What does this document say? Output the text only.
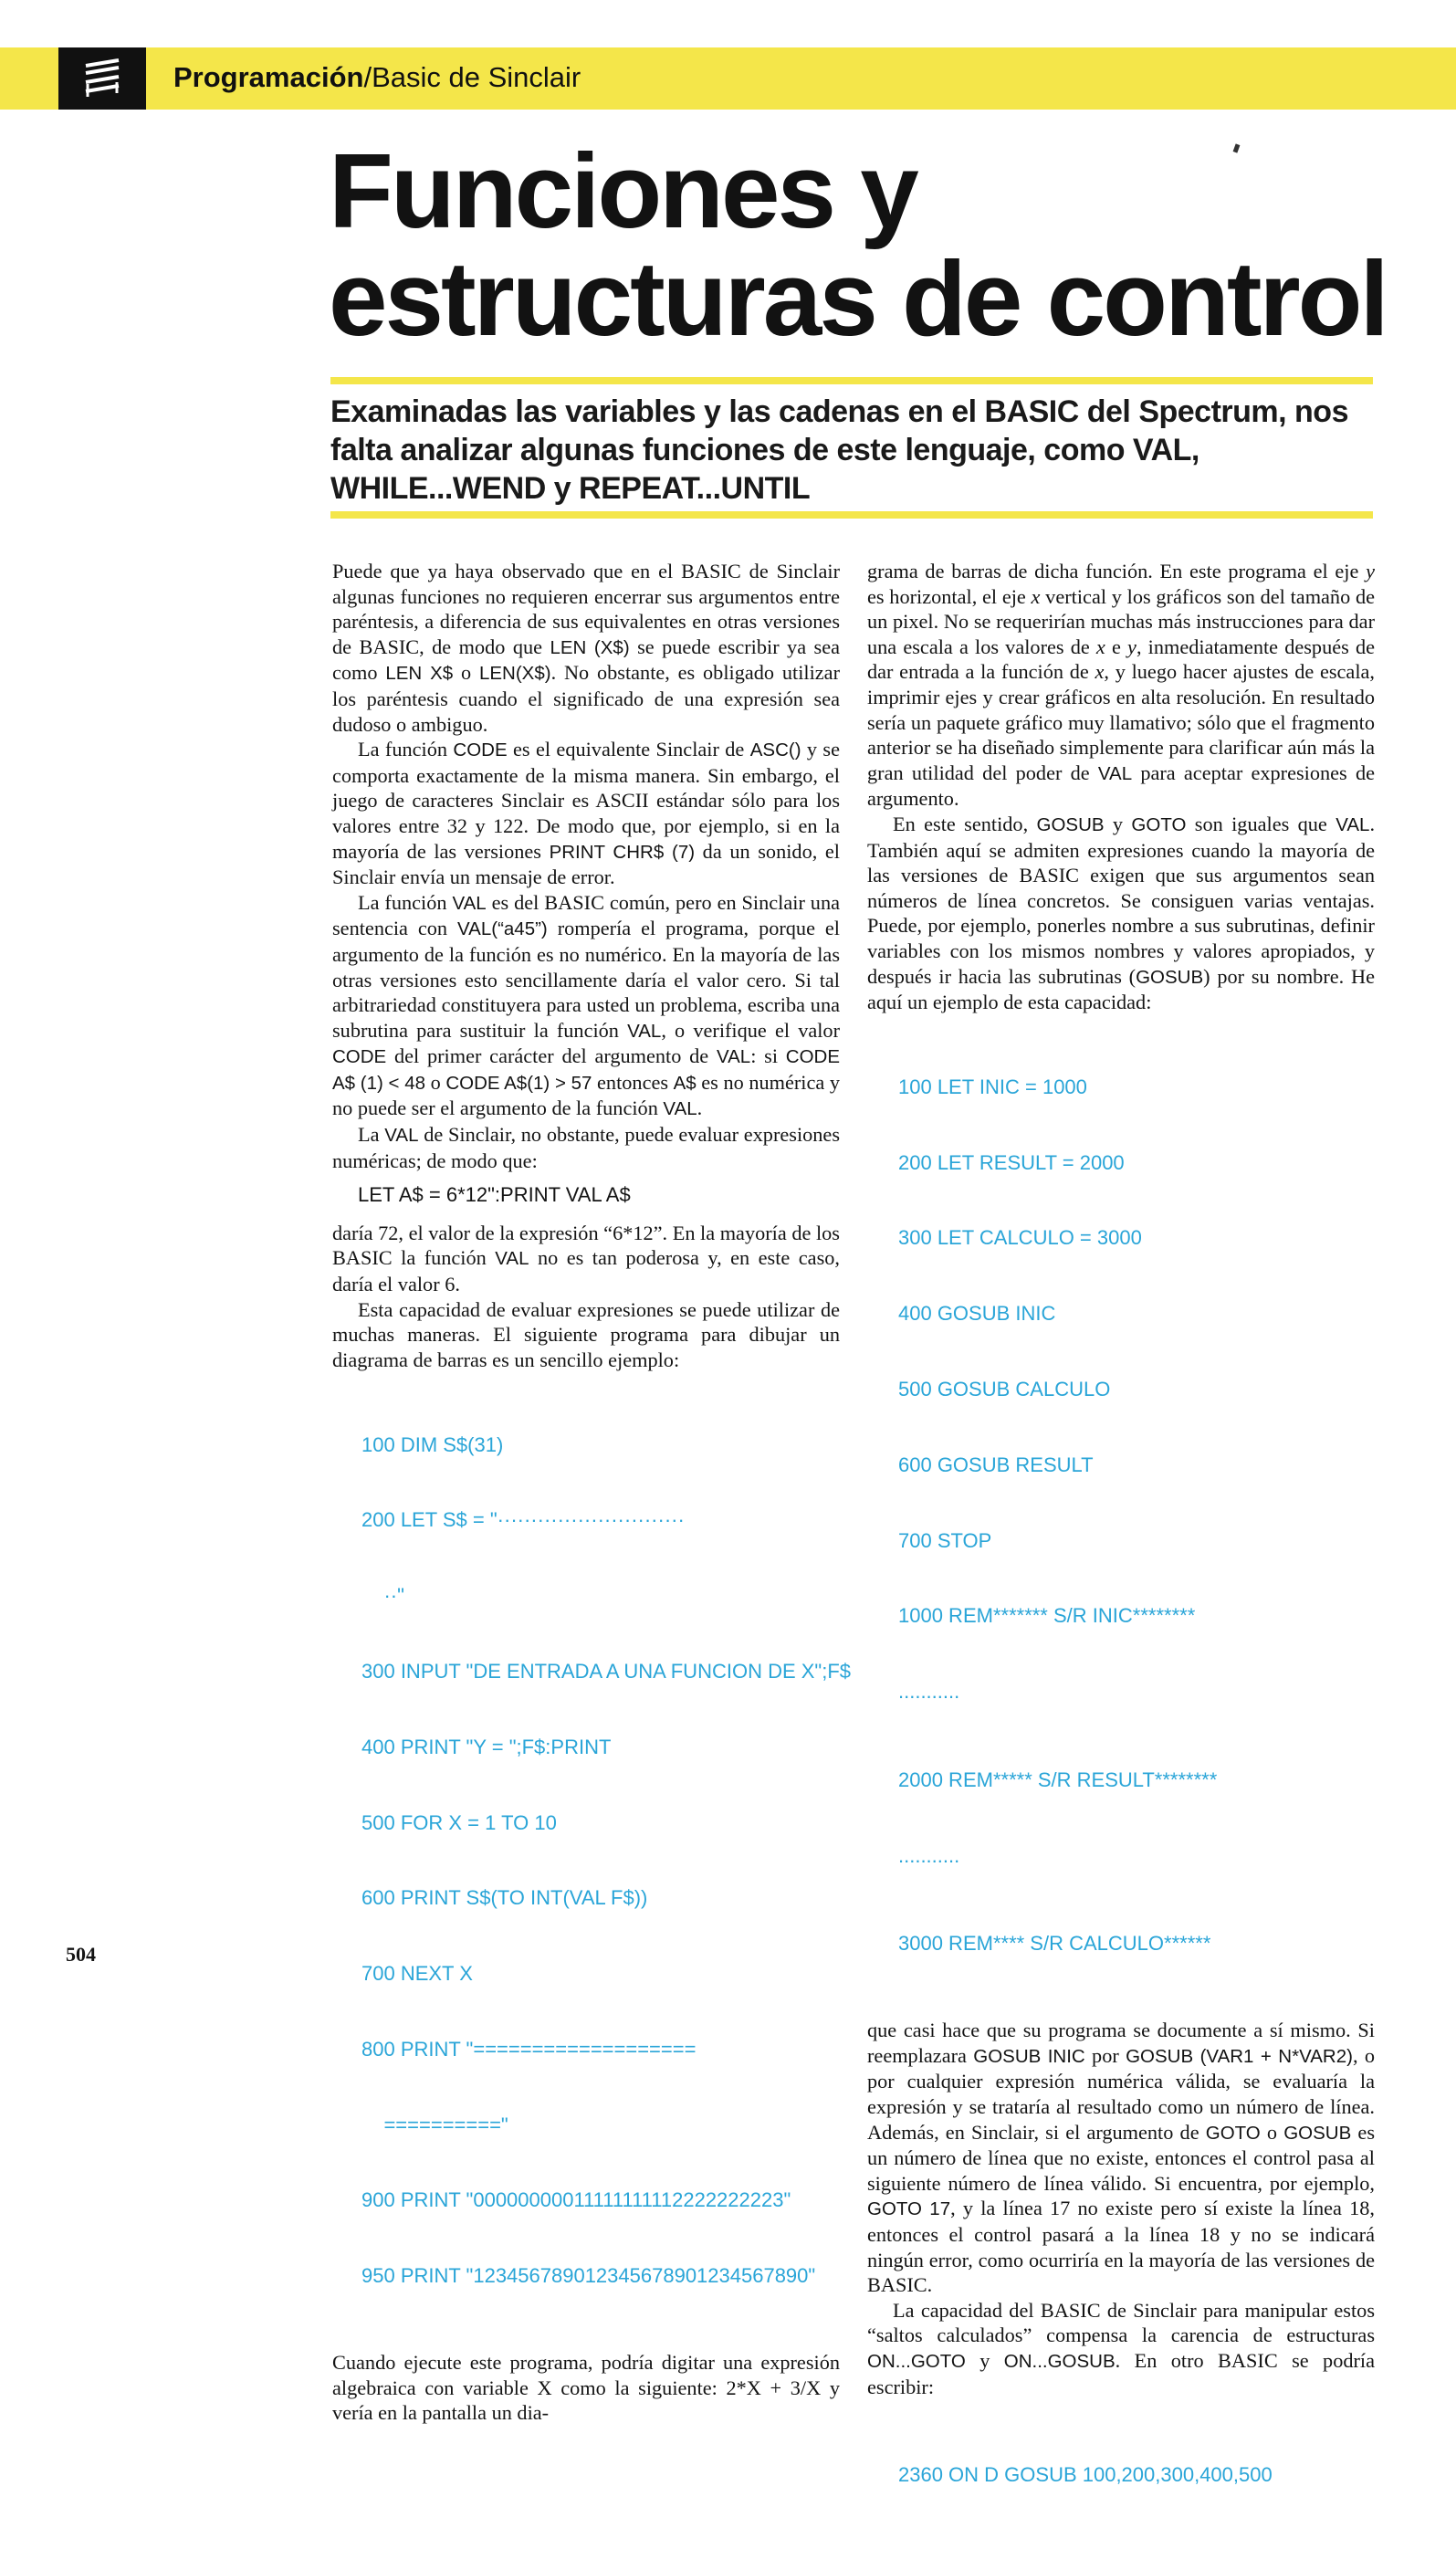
Programación/Basic de Sinclair
Funciones y
estructuras de control

Examinadas las variables y las cadenas en el BASIC del Spectrum, nos falta analizar algunas funciones de este lenguaje, como VAL, WHILE...WEND y REPEAT...UNTIL

Puede que ya haya observado que en el BASIC de Sinclair algunas funciones no requieren encerrar sus argumentos entre paréntesis, a diferencia de sus equivalentes en otras versiones de BASIC, de modo que LEN (X$) se puede escribir ya sea como LEN X$ o LEN(X$). No obstante, es obligado utilizar los paréntesis cuando el significado de una expresión sea dudoso o ambiguo.

La función CODE es el equivalente Sinclair de ASC() y se comporta exactamente de la misma manera. Sin embargo, el juego de caracteres Sinclair es ASCII estándar sólo para los valores entre 32 y 122. De modo que, por ejemplo, si en la mayoría de las versiones PRINT CHR$ (7) da un sonido, el Sinclair envía un mensaje de error.

La función VAL es del BASIC común, pero en Sinclair una sentencia con VAL(“a45”) rompería el programa, porque el argumento de la función es no numérico. En la mayoría de las otras versiones esto sencillamente daría el valor cero. Si tal arbitrariedad constituyera para usted un problema, escriba una subrutina para sustituir la función VAL, o verifique el valor CODE del primer carácter del argumento de VAL: si CODE A$ (1) < 48 o CODE A$(1) > 57 entonces A$ es no numérica y no puede ser el argumento de la función VAL.

La VAL de Sinclair, no obstante, puede evaluar expresiones numéricas; de modo que:

LET A$ = 6*12":PRINT VAL A$

daría 72, el valor de la expresión “6*12”. En la mayoría de los BASIC la función VAL no es tan poderosa y, en este caso, daría el valor 6.

Esta capacidad de evaluar expresiones se puede utilizar de muchas maneras. El siguiente programa para dibujar un diagrama de barras es un sencillo ejemplo:

100 DIM S$(31)

200 LET S$ = "····························

··"

300 INPUT "DE ENTRADA A UNA FUNCION DE X";F$

400 PRINT "Y = ";F$:PRINT

500 FOR X = 1 TO 10

600 PRINT S$(TO INT(VAL F$))

700 NEXT X

800 PRINT "===================

=========="

900 PRINT "00000000011111111112222222223"

950 PRINT "123456789012345678901234567890"

Cuando ejecute este programa, podría digitar una expresión algebraica con variable X como la siguiente: 2*X + 3/X y vería en la pantalla un dia-

grama de barras de dicha función. En este programa el eje y es horizontal, el eje x vertical y los gráficos son del tamaño de un pixel. No se requerirían muchas más instrucciones para dar una escala a los valores de x e y, inmediatamente después de dar entrada a la función de x, y luego hacer ajustes de escala, imprimir ejes y crear gráficos en alta resolución. En resultado sería un paquete gráfico muy llamativo; sólo que el fragmento anterior se ha diseñado simplemente para clarificar aún más la gran utilidad del poder de VAL para aceptar expresiones de argumento.

En este sentido, GOSUB y GOTO son iguales que VAL. También aquí se admiten expresiones cuando la mayoría de las versiones de BASIC exigen que sus argumentos sean números de línea concretos. Se consiguen varias ventajas. Puede, por ejemplo, ponerles nombre a sus subrutinas, definir variables con los mismos nombres y valores apropiados, y después ir hacia las subrutinas (GOSUB) por su nombre. He aquí un ejemplo de esta capacidad:

100 LET INIC = 1000

200 LET RESULT = 2000

300 LET CALCULO = 3000

400 GOSUB INIC

500 GOSUB CALCULO

600 GOSUB RESULT

700 STOP

1000 REM******* S/R INIC********

...........

2000 REM***** S/R RESULT********

...........

3000 REM**** S/R CALCULO******

que casi hace que su programa se documente a sí mismo. Si reemplazara GOSUB INIC por GOSUB (VAR1 + N*VAR2), o por cualquier expresión numérica válida, se evaluaría la expresión y se trataría al resultado como un número de línea. Además, en Sinclair, si el argumento de GOTO o GOSUB es un número de línea que no existe, entonces el control pasa al siguiente número de línea válido. Si encuentra, por ejemplo, GOTO 17, y la línea 17 no existe pero sí existe la línea 18, entonces el control pasará a la línea 18 y no se indicará ningún error, como ocurriría en la mayoría de las versiones de BASIC.

La capacidad del BASIC de Sinclair para manipular estos “saltos calculados” compensa la carencia de estructuras ON...GOTO y ON...GOSUB. En otro BASIC se podría escribir:

2360 ON D GOSUB 100,200,300,400,500

504
